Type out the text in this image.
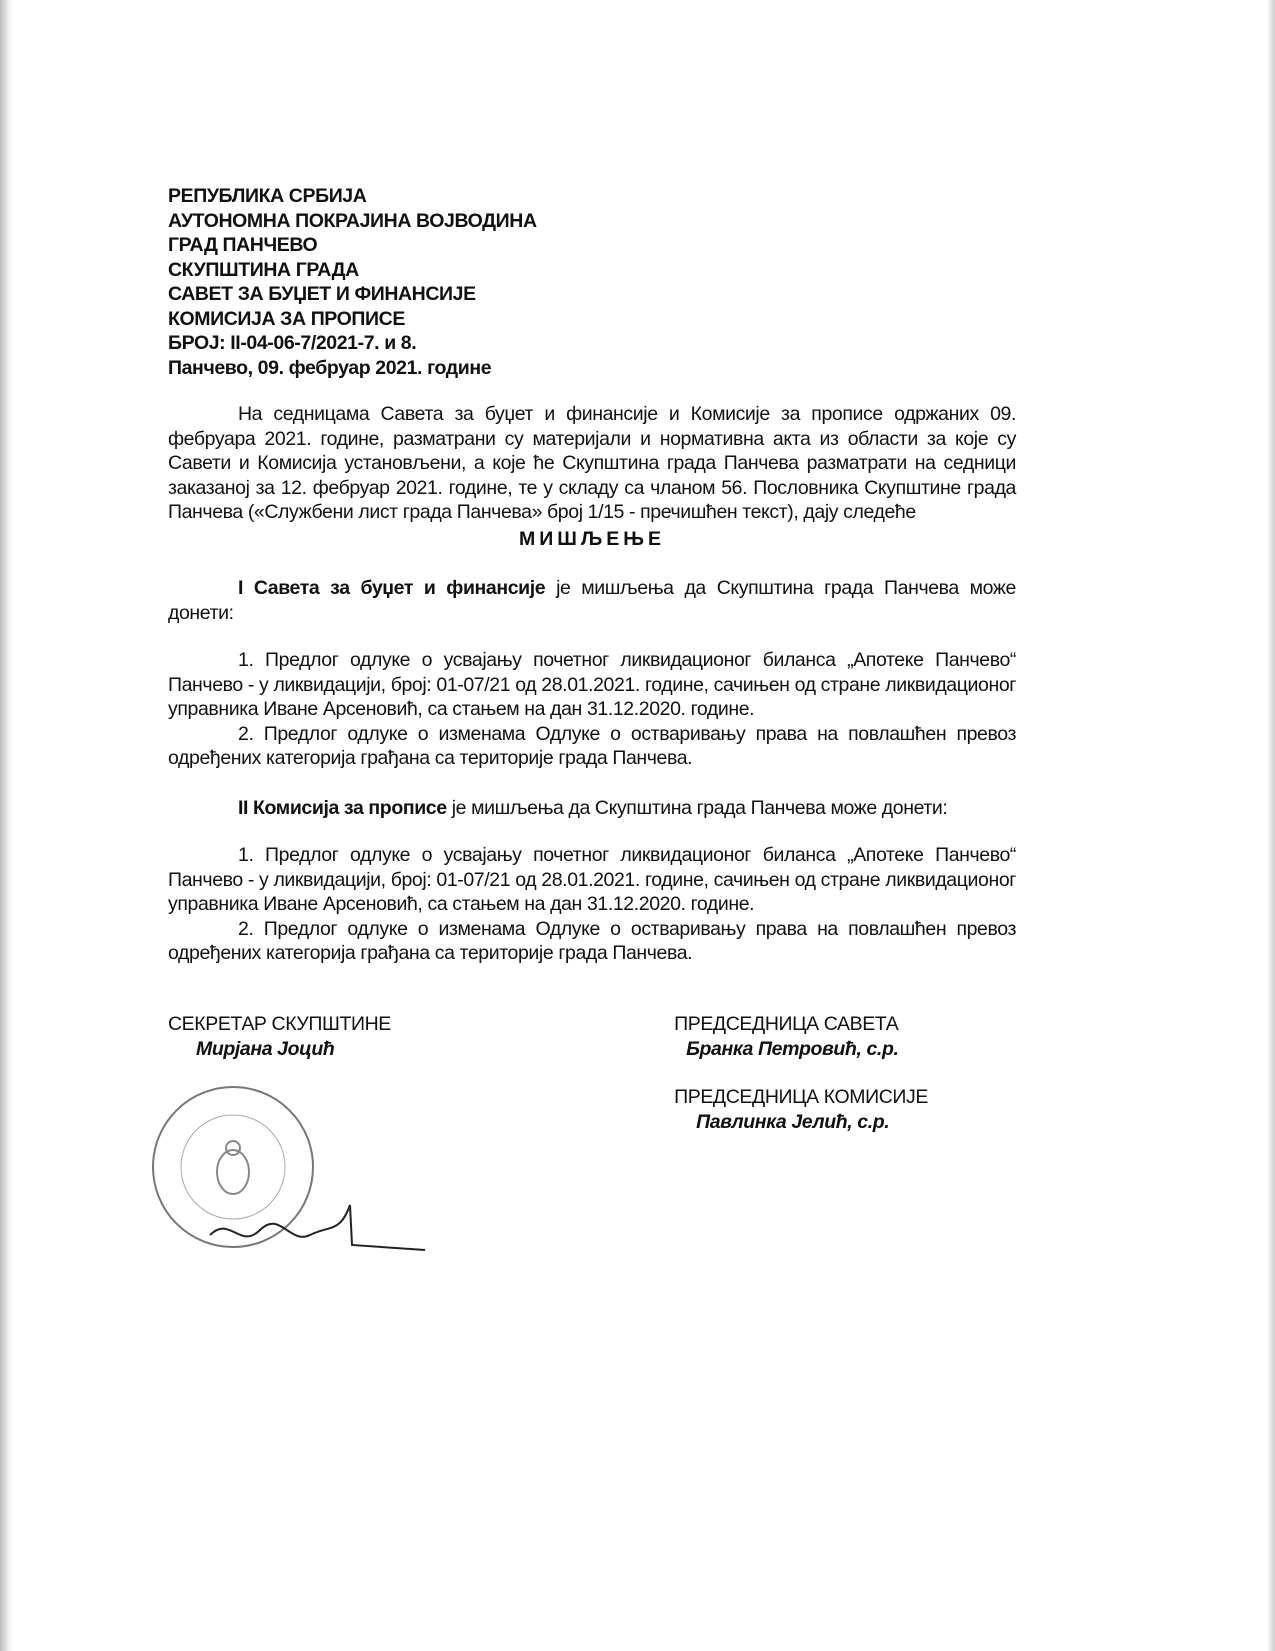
РЕПУБЛИКА СРБИЈА
АУТОНОМНА ПОКРАЈИНА ВОЈВОДИНА
ГРАД ПАНЧЕВО
СКУПШТИНА ГРАДА
САВЕТ ЗА БУЏЕТ И ФИНАНСИЈЕ
КОМИСИЈА ЗА ПРОПИСЕ
БРОЈ: II-04-06-7/2021-7. и 8.
Панчево, 09. фебруар 2021. године

На седницама Савета за буџет и финансије и Комисије за прописе одржаних 09. фебруара 2021. године, разматрани су материјали и нормативна акта из области за које су Савети и Комисија установљени, а које ће Скупштина града Панчева разматрати на седници заказаној за 12. фебруар 2021. године, те у складу са чланом 56. Пословника Скупштине града Панчева («Службени лист града Панчева» број 1/15 - пречишћен текст), дају следеће

МИШЉЕЊЕ

I Савета за буџет и финансије је мишљења да Скупштина града Панчева може донети:

1. Предлог одлуке о усвајању почетног ликвидационог биланса „Апотеке Панчево“ Панчево - у ликвидацији, број: 01-07/21 од 28.01.2021. године, сачињен од стране ликвидационог управника Иване Арсеновић, са стањем на дан 31.12.2020. године.

2. Предлог одлуке о изменама Одлуке о остваривању права на повлашћен превоз одређених категорија грађана са територије града Панчева.

II Комисија за прописе је мишљења да Скупштина града Панчева може донети:

1. Предлог одлуке о усвајању почетног ликвидационог биланса „Апотеке Панчево“ Панчево - у ликвидацији, број: 01-07/21 од 28.01.2021. године, сачињен од стране ликвидационог управника Иване Арсеновић, са стањем на дан 31.12.2020. године.

2. Предлог одлуке о изменама Одлуке о остваривању права на повлашћен превоз одређених категорија грађана са територије града Панчева.

СЕКРЕТАР СКУПШТИНЕ
Мирјана Јоцић
ПРЕДСЕДНИЦА САВЕТА
Бранка Петровић, с.р.
ПРЕДСЕДНИЦА КОМИСИЈЕ
Павлинка Јелић, с.р.
